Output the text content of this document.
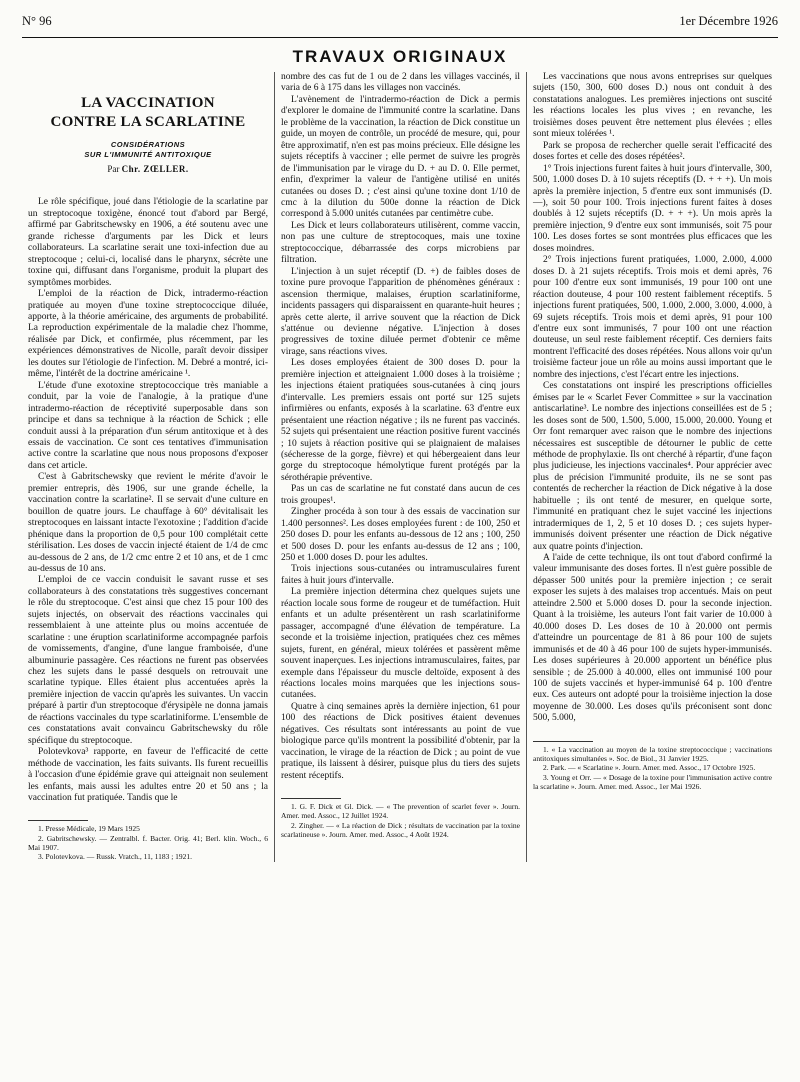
N° 96	1er Décembre 1926
TRAVAUX ORIGINAUX
LA VACCINATION
CONTRE LA SCARLATINE
CONSIDÉRATIONS
SUR L'IMMUNITÉ ANTITOXIQUE
Par Chr. ZŒLLER.

Le rôle spécifique, joué dans l'étiologie de la scarlatine par un streptocoque toxigène, énoncé tout d'abord par Bergé, affirmé par Gabritschewsky en 1906, a été soutenu avec une grande richesse d'arguments par les Dick et leurs collaborateurs. La scarlatine serait une toxi-infection due au streptocoque ; celui-ci, localisé dans le pharynx, sécrète une toxine qui, diffusant dans l'organisme, produit la plupart des symptômes morbides.

L'emploi de la réaction de Dick, intradermo-réaction pratiquée au moyen d'une toxine streptococcique diluée, apporte, à la théorie américaine, des arguments de probabilité. La reproduction expérimentale de la maladie chez l'homme, réalisée par Dick, et confirmée, plus récemment, par les expériences démonstratives de Nicolle, paraît devoir dissiper les doutes sur l'étiologie de l'infection. M. Debré a montré, ici-même, l'intérêt de la doctrine américaine ¹.

L'étude d'une exotoxine streptococcique très maniable a conduit, par la voie de l'analogie, à la pratique d'une intradermo-réaction de réceptivité superposable dans son principe et dans sa technique à la réaction de Schick ; elle conduit aussi à la préparation d'un sérum antitoxique et à des essais de vaccination. Ce sont ces tentatives d'immunisation active contre la scarlatine que nous nous proposons d'exposer dans cet article.

C'est à Gabritschewsky que revient le mérite d'avoir le premier entrepris, dès 1906, sur une grande échelle, la vaccination contre la scarlatine². Il se servait d'une culture en bouillon de quatre jours. Le chauffage à 60° dévitalisait les streptocoques en laissant intacte l'exotoxine ; l'addition d'acide phénique dans la proportion de 0,5 pour 100 complétait cette stérilisation. Les doses de vaccin injecté étaient de 1/4 de cmc au-dessous de 2 ans, de 1/2 cmc entre 2 et 10 ans, et de 1 cmc au-dessus de 10 ans.

L'emploi de ce vaccin conduisit le savant russe et ses collaborateurs à des constatations très suggestives concernant le rôle du streptocoque. C'est ainsi que chez 15 pour 100 des sujets injectés, on observait des réactions vaccinales qui ressemblaient à une atteinte plus ou moins accentuée de scarlatine : une éruption scarlatiniforme accompagnée parfois de vomissements, d'angine, d'une langue framboisée, d'une albuminurie passagère. Ces réactions ne furent pas observées chez les sujets dans le passé desquels on retrouvait une scarlatine typique. Elles étaient plus accentuées après la première injection de vaccin qu'après les suivantes. Un vaccin préparé à partir d'un streptocoque d'érysipèle ne donna jamais de réactions vaccinales du type scarlatiniforme. L'ensemble de ces constatations avait convaincu Gabritschewsky du rôle spécifique du streptocoque.

Polotevkova³ rapporte, en faveur de l'efficacité de cette méthode de vaccination, les faits suivants. Ils furent recueillis à l'occasion d'une épidémie grave qui atteignait non seulement les enfants, mais aussi les adultes entre 20 et 50 ans ; la vaccination fut pratiquée. Tandis que le

1. Presse Médicale, 19 Mars 1925

2. Gabritschewsky. — Zentralbl. f. Bacter. Orig. 41; Berl. klin. Woch., 6 Mai 1907.

3. Polotevkova. — Russk. Vratch., 11, 1183 ; 1921.

nombre des cas fut de 1 ou de 2 dans les villages vaccinés, il varia de 6 à 175 dans les villages non vaccinés.

L'avènement de l'intradermo-réaction de Dick a permis d'explorer le domaine de l'immunité contre la scarlatine. Dans le problème de la vaccination, la réaction de Dick constitue un guide, un moyen de contrôle, un procédé de mesure, qui, pour être approximatif, n'en est pas moins précieux. Elle désigne les sujets réceptifs à vacciner ; elle permet de suivre les progrès de l'immunisation par le virage du D. + au D. 0. Elle permet, enfin, d'exprimer la valeur de l'antigène utilisé en unités cutanées ou doses D. ; c'est ainsi qu'une toxine dont 1/10 de cmc à la dilution du 500e donne la réaction de Dick correspond à 5.000 unités cutanées par centimètre cube.

Les Dick et leurs collaborateurs utilisèrent, comme vaccin, non pas une culture de streptocoques, mais une toxine streptococcique, débarrassée des corps microbiens par filtration.

L'injection à un sujet réceptif (D. +) de faibles doses de toxine pure provoque l'apparition de phénomènes généraux : ascension thermique, malaises, éruption scarlatiniforme, incidents passagers qui disparaissent en quarante-huit heures ; après cette alerte, il arrive souvent que la réaction de Dick s'atténue ou devienne négative. L'injection à doses progressives de toxine diluée permet d'obtenir ce même virage, sans réactions vives.

Les doses employées étaient de 300 doses D. pour la première injection et atteignaient 1.000 doses à la troisième ; les injections étaient pratiquées sous-cutanées à cinq jours d'intervalle. Les premiers essais ont porté sur 125 sujets infirmières ou enfants, exposés à la scarlatine. 63 d'entre eux présentaient une réaction négative ; ils ne furent pas vaccinés. 52 sujets qui présentaient une réaction positive furent vaccinés ; 10 sujets à réaction positive qui se plaignaient de malaises (sécheresse de la gorge, fièvre) et qui hébergeaient dans leur gorge du streptocoque hémolytique furent protégés par la sérothérapie préventive.

Pas un cas de scarlatine ne fut constaté dans aucun de ces trois groupes¹.

Zingher procéda à son tour à des essais de vaccination sur 1.400 personnes². Les doses employées furent : de 100, 250 et 250 doses D. pour les enfants au-dessous de 12 ans ; 100, 250 et 500 doses D. pour les enfants au-dessus de 12 ans ; 100, 250 et 1.000 doses D. pour les adultes.

Trois injections sous-cutanées ou intramusculaires furent faites à huit jours d'intervalle.

La première injection détermina chez quelques sujets une réaction locale sous forme de rougeur et de tuméfaction. Huit enfants et un adulte présentèrent un rash scarlatiniforme passager, accompagné d'une élévation de température. La seconde et la troisième injection, pratiquées chez ces mêmes sujets, furent, en général, mieux tolérées et passèrent même souvent inaperçues. Les injections intramusculaires, faites, par exemple dans l'épaisseur du muscle deltoïde, exposent à des réactions locales moins marquées que les injections sous-cutanées.

Quatre à cinq semaines après la dernière injection, 61 pour 100 des réactions de Dick positives étaient devenues négatives. Ces résultats sont intéressants au point de vue biologique parce qu'ils montrent la possibilité d'obtenir, par la vaccination, le virage de la réaction de Dick ; au point de vue pratique, ils laissent à désirer, puisque plus du tiers des sujets restent réceptifs.

1. G. F. Dick et Gl. Dick. — « The prevention of scarlet fever ». Journ. Amer. med. Assoc., 12 Juillet 1924.

2. Zingher. — « La réaction de Dick ; résultats de vaccination par la toxine scarlatineuse ». Journ. Amer. med. Assoc., 4 Août 1924.

Les vaccinations que nous avons entreprises sur quelques sujets (150, 300, 600 doses D.) nous ont conduit à des constatations analogues. Les premières injections ont suscité les réactions locales les plus vives ; en revanche, les troisièmes doses peuvent être nettement plus élevées ; elles sont mieux tolérées ¹.

Park se proposa de rechercher quelle serait l'efficacité des doses fortes et celle des doses répétées².

1° Trois injections furent faites à huit jours d'intervalle, 300, 500, 1.000 doses D. à 10 sujets réceptifs (D. + + +). Un mois après la première injection, 5 d'entre eux sont immunisés (D. —), soit 50 pour 100. Trois injections furent faites à doses doublés à 12 sujets réceptifs (D. + + +). Un mois après la première injection, 9 d'entre eux sont immunisés, soit 75 pour 100. Les doses fortes se sont montrées plus efficaces que les doses moindres.

2° Trois injections furent pratiquées, 1.000, 2.000, 4.000 doses D. à 21 sujets réceptifs. Trois mois et demi après, 76 pour 100 d'entre eux sont immunisés, 19 pour 100 ont une réaction douteuse, 4 pour 100 restent faiblement réceptifs. 5 injections furent pratiquées, 500, 1.000, 2.000, 3.000, 4.000, à 69 sujets réceptifs. Trois mois et demi après, 91 pour 100 d'entre eux sont immunisés, 7 pour 100 ont une réaction douteuse, un seul reste faiblement réceptif. Ces derniers faits montrent l'efficacité des doses répétées. Nous allons voir qu'un troisième facteur joue un rôle au moins aussi important que le nombre des injections, c'est l'écart entre les injections.

Ces constatations ont inspiré les prescriptions officielles émises par le « Scarlet Fever Committee » sur la vaccination antiscarlatine³. Le nombre des injections conseillées est de 5 ; les doses sont de 500, 1.500, 5.000, 15.000, 20.000. Young et Orr font remarquer avec raison que le nombre des injections nécessaires est susceptible de détourner le public de cette méthode de prophylaxie. Ils ont cherché à répartir, d'une façon plus judicieuse, les injections vaccinales⁴. Pour apprécier avec plus de précision l'immunité produite, ils ne se sont pas contentés de rechercher la réaction de Dick négative à la dose habituelle ; ils ont tenté de mesurer, en quelque sorte, l'immunité en pratiquant chez le sujet vacciné les injections intradermiques de 1, 2, 5 et 10 doses D. ; ces sujets hyper-immunisés doivent présenter une réaction de Dick négative aux quatre points d'injection.

A l'aide de cette technique, ils ont tout d'abord confirmé la valeur immunisante des doses fortes. Il n'est guère possible de dépasser 500 unités pour la première injection ; ce serait exposer les sujets à des malaises trop accentués. Mais on peut atteindre 2.500 et 5.000 doses D. pour la seconde injection. Quant à la troisième, les auteurs l'ont fait varier de 10.000 à 40.000 doses D. Les doses de 10 à 20.000 ont permis d'atteindre un pourcentage de 81 à 86 pour 100 de sujets immunisés et de 40 à 46 pour 100 de sujets hyper-immunisés. Les doses supérieures à 20.000 apportent un bénéfice plus sensible ; de 25.000 à 40.000, elles ont immunisé 100 pour 100 de sujets vaccinés et hyper-immunisé 64 p. 100 d'entre eux. Ces auteurs ont adopté pour la troisième injection la dose moyenne de 30.000. Les doses qu'ils préconisent sont donc 500, 5.000,

1. « La vaccination au moyen de la toxine streptococcique ; vaccinations antitoxiques simultanées ». Soc. de Biol., 31 Janvier 1925.

2. Park. — « Scarlatine ». Journ. Amer. med. Assoc., 17 Octobre 1925.

3. Young et Orr. — « Dosage de la toxine pour l'immunisation active contre la scarlatine ». Journ. Amer. med. Assoc., 1er Mai 1926.
